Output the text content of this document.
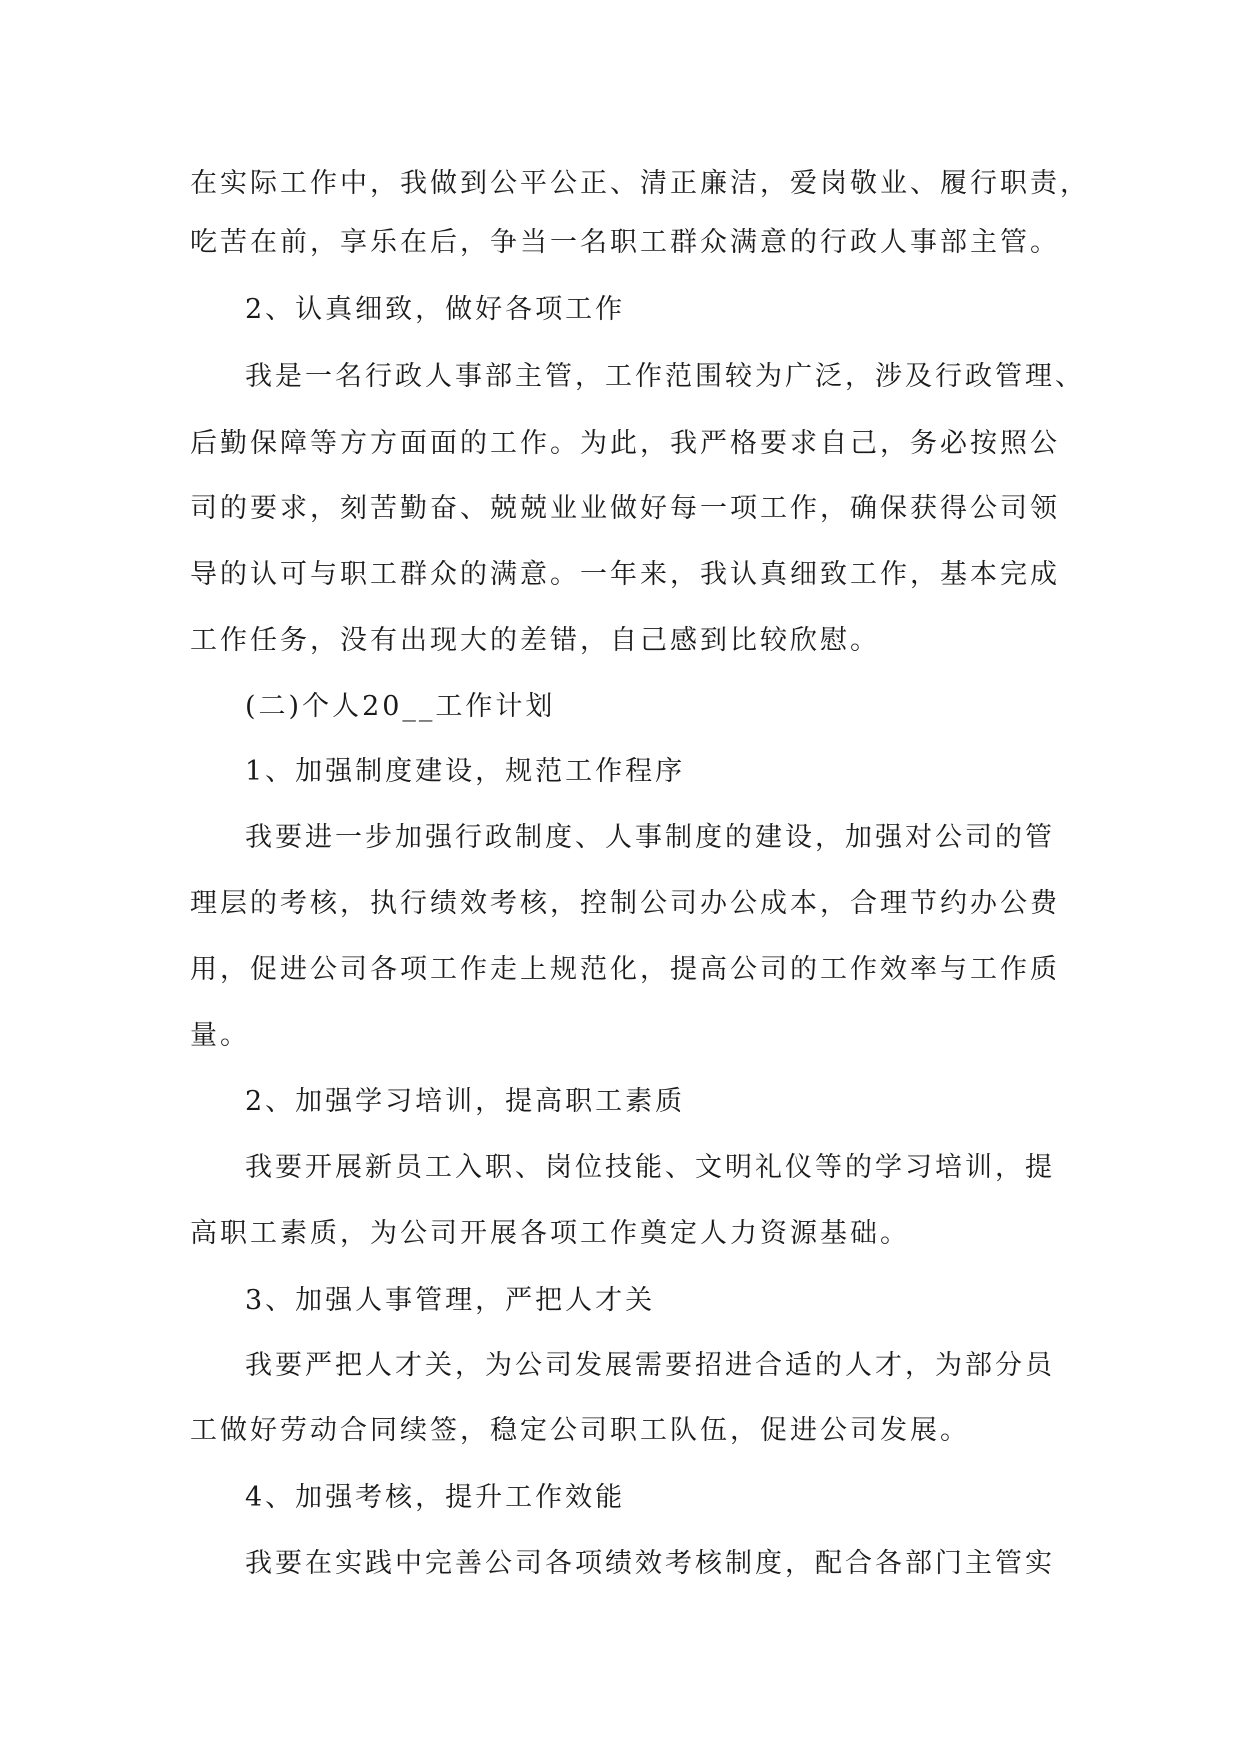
在实际工作中，我做到公平公正、清正廉洁，爱岗敬业、履行职责，
吃苦在前，享乐在后，争当一名职工群众满意的行政人事部主管。
2、认真细致，做好各项工作
我是一名行政人事部主管，工作范围较为广泛，涉及行政管理、
后勤保障等方方面面的工作。为此，我严格要求自己，务必按照公
司的要求，刻苦勤奋、兢兢业业做好每一项工作，确保获得公司领
导的认可与职工群众的满意。一年来，我认真细致工作，基本完成
工作任务，没有出现大的差错，自己感到比较欣慰。
(二)个人20__工作计划
1、加强制度建设，规范工作程序
我要进一步加强行政制度、人事制度的建设，加强对公司的管
理层的考核，执行绩效考核，控制公司办公成本，合理节约办公费
用，促进公司各项工作走上规范化，提高公司的工作效率与工作质
量。
2、加强学习培训，提高职工素质
我要开展新员工入职、岗位技能、文明礼仪等的学习培训，提
高职工素质，为公司开展各项工作奠定人力资源基础。
3、加强人事管理，严把人才关
我要严把人才关，为公司发展需要招进合适的人才，为部分员
工做好劳动合同续签，稳定公司职工队伍，促进公司发展。
4、加强考核，提升工作效能
我要在实践中完善公司各项绩效考核制度，配合各部门主管实
